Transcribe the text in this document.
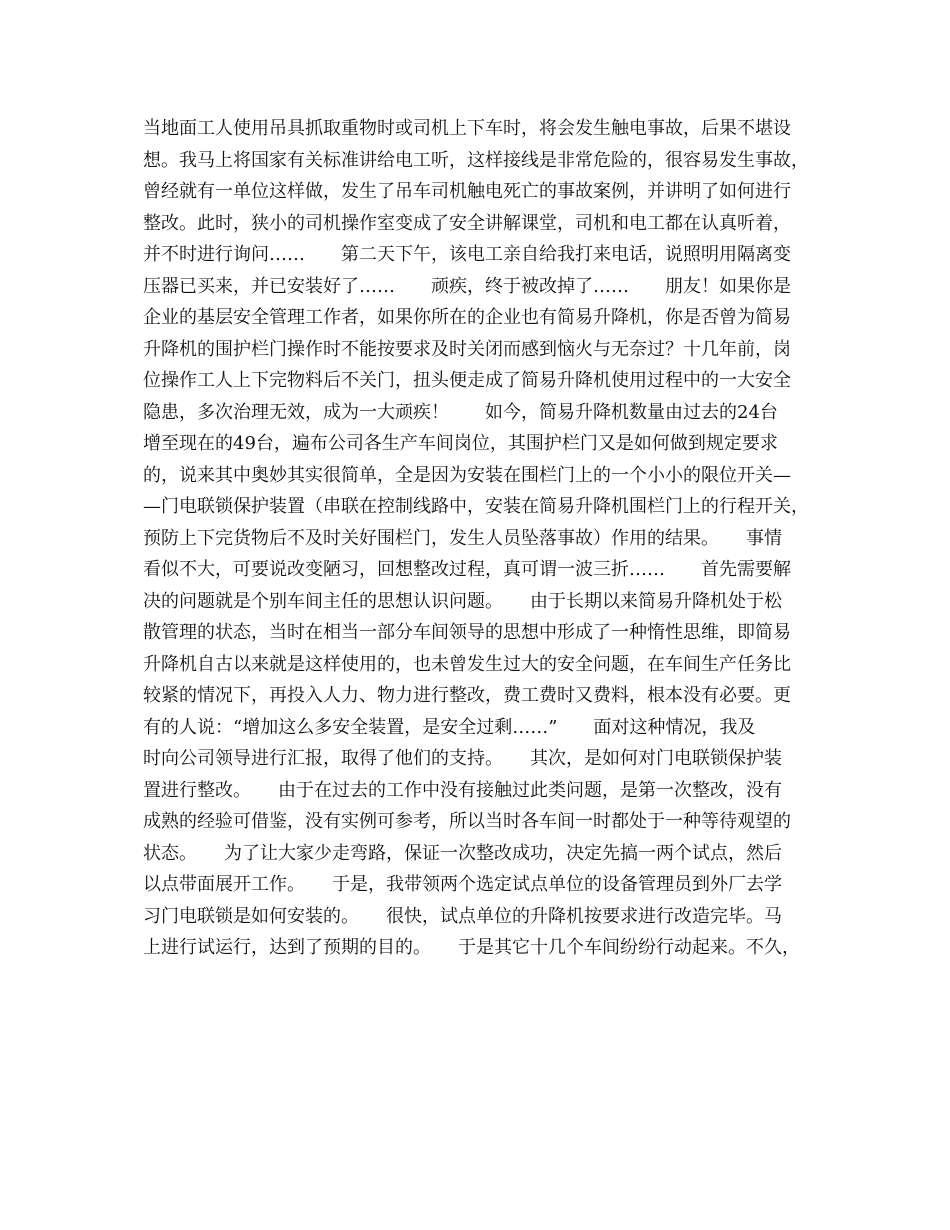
当地面工人使用吊具抓取重物时或司机上下车时，将会发生触电事故，后果不堪设
想。我马上将国家有关标准讲给电工听，这样接线是非常危险的，很容易发生事故，
曾经就有一单位这样做，发生了吊车司机触电死亡的事故案例，并讲明了如何进行
整改。此时，狭小的司机操作室变成了安全讲解课堂，司机和电工都在认真听着，
并不时进行询问……　　第二天下午，该电工亲自给我打来电话，说照明用隔离变
压器已买来，并已安装好了……　　顽疾，终于被改掉了……　　朋友！如果你是
企业的基层安全管理工作者，如果你所在的企业也有简易升降机，你是否曾为简易
升降机的围护栏门操作时不能按要求及时关闭而感到恼火与无奈过？十几年前，岗
位操作工人上下完物料后不关门，扭头便走成了简易升降机使用过程中的一大安全
隐患，多次治理无效，成为一大顽疾！　　如今，简易升降机数量由过去的24台
增至现在的49台，遍布公司各生产车间岗位，其围护栏门又是如何做到规定要求
的，说来其中奥妙其实很简单，全是因为安装在围栏门上的一个小小的限位开关—
—门电联锁保护装置（串联在控制线路中，安装在简易升降机围栏门上的行程开关，
预防上下完货物后不及时关好围栏门，发生人员坠落事故）作用的结果。　　事情
看似不大，可要说改变陋习，回想整改过程，真可谓一波三折……　　首先需要解
决的问题就是个别车间主任的思想认识问题。　　由于长期以来简易升降机处于松
散管理的状态，当时在相当一部分车间领导的思想中形成了一种惰性思维，即简易
升降机自古以来就是这样使用的，也未曾发生过大的安全问题，在车间生产任务比
较紧的情况下，再投入人力、物力进行整改，费工费时又费料，根本没有必要。更
有的人说：“增加这么多安全装置，是安全过剩……”　　面对这种情况，我及
时向公司领导进行汇报，取得了他们的支持。　　其次，是如何对门电联锁保护装
置进行整改。　　由于在过去的工作中没有接触过此类问题，是第一次整改，没有
成熟的经验可借鉴，没有实例可参考，所以当时各车间一时都处于一种等待观望的
状态。　　为了让大家少走弯路，保证一次整改成功，决定先搞一两个试点，然后
以点带面展开工作。　　于是，我带领两个选定试点单位的设备管理员到外厂去学
习门电联锁是如何安装的。　　很快，试点单位的升降机按要求进行改造完毕。马
上进行试运行，达到了预期的目的。　　于是其它十几个车间纷纷行动起来。不久，
